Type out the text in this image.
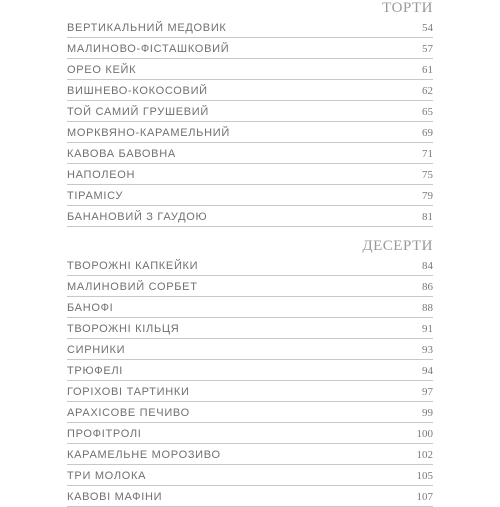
ТОРТИ
ВЕРТИКАЛЬНИЙ МЕДОВИК	54
МАЛИНОВО-ФІСТАШКОВИЙ	57
ОРЕО КЕЙК	61
ВИШНЕВО-КОКОСОВИЙ	62
ТОЙ САМИЙ ГРУШЕВИЙ	65
МОРКВЯНО-КАРАМЕЛЬНИЙ	69
КАВОВА БАВОВНА	71
НАПОЛЕОН	75
ТІРАМІСУ	79
БАНАНОВИЙ З ГАУДОЮ	81
ДЕСЕРТИ
ТВОРОЖНІ КАПКЕЙКИ	84
МАЛИНОВИЙ СОРБЕТ	86
БАНОФІ	88
ТВОРОЖНІ КІЛЬЦЯ	91
СИРНИКИ	93
ТРЮФЕЛІ	94
ГОРІХОВІ ТАРТИНКИ	97
АРАХІСОВЕ ПЕЧИВО	99
ПРОФІТРОЛІ	100
КАРАМЕЛЬНЕ МОРОЗИВО	102
ТРИ МОЛОКА	105
КАВОВІ МАФІНИ	107
